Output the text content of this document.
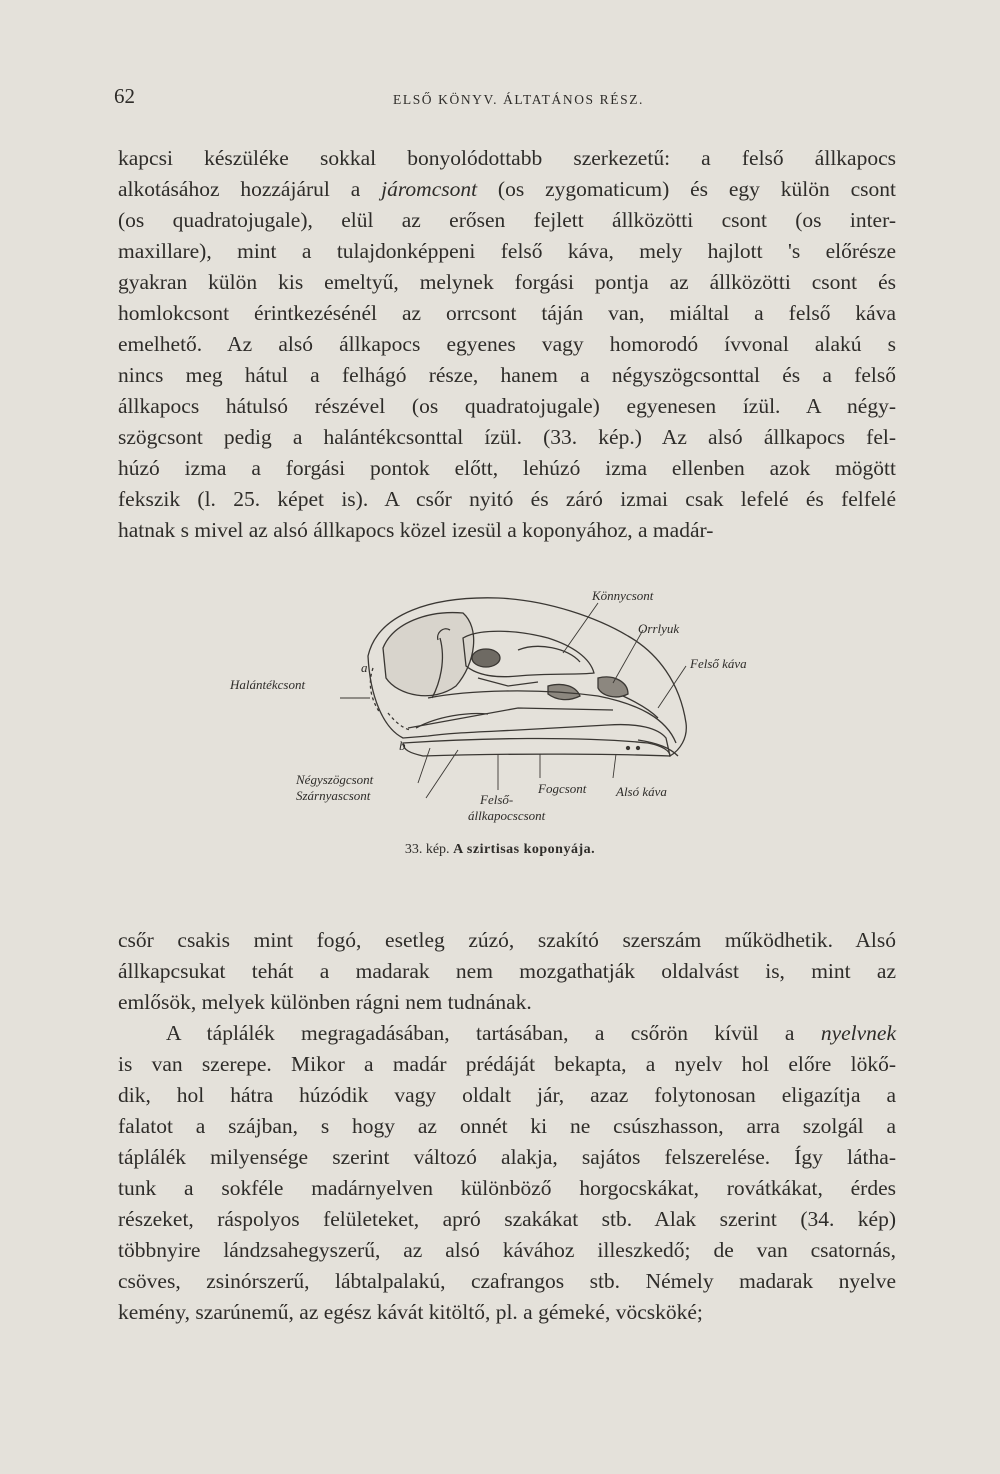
62	ELSŐ KÖNYV. ÁLTATÁNOS RÉSZ.
kapcsi készüléke sokkal bonyolódottabb szerkezetű: a felső állkapocs
alkotásához hozzájárul a járomcsont (os zygomaticum) és egy külön csont
(os quadratojugale), elül az erősen fejlett állközötti csont (os inter-
maxillare), mint a tulajdonképpeni felső káva, mely hajlott 's előrésze
gyakran külön kis emeltyű, melynek forgási pontja az állközötti csont és
homlokcsont érintkezésénél az orrcsont táján van, miáltal a felső káva
emelhető. Az alsó állkapocs egyenes vagy homorodó ívvonal alakú s
nincs meg hátul a felhágó része, hanem a négyszögcsonttal és a felső
állkapocs hátulsó részével (os quadratojugale) egyenesen ízül. A négy-
szögcsont pedig a halántékcsonttal ízül. (33. kép.) Az alsó állkapocs fel-
húzó izma a forgási pontok előtt, lehúzó izma ellenben azok mögött
fekszik (l. 25. képet is). A csőr nyitó és záró izmai csak lefelé és felfelé
hatnak s mivel az alsó állkapocs közel izesül a koponyához, a madár-
Könnycsont
Orrlyuk
Felső káva
Halántékcsont
a
b
Négyszögcsont
Szárnyascsont	Felső-
állkapocscsont
Fogcsont Alsó káva
33. kép. A szirtisas koponyája.
csőr csakis mint fogó, esetleg zúzó, szakító szerszám működhetik. Alsó
állkapcsukat tehát a madarak nem mozgathatják oldalvást is, mint az
emlősök, melyek különben rágni nem tudnának.
A táplálék megragadásában, tartásában, a csőrön kívül a nyelvnek
is van szerepe. Mikor a madár prédáját bekapta, a nyelv hol előre lökő-
dik, hol hátra húzódik vagy oldalt jár, azaz folytonosan eligazítja a
falatot a szájban, s hogy az onnét ki ne csúszhasson, arra szolgál a
táplálék milyensége szerint változó alakja, sajátos felszerelése. Így látha-
tunk a sokféle madárnyelven különböző horgocskákat, rovátkákat, érdes
részeket, ráspolyos felületeket, apró szakákat stb. Alak szerint (34. kép)
többnyire lándzsahegyszerű, az alsó kávához illeszkedő; de van csatornás,
csöves, zsinórszerű, lábtalpalakú, czafrangos stb. Némely madarak nyelve
kemény, szarúnemű, az egész kávát kitöltő, pl. a gémeké, vöcsköké;
